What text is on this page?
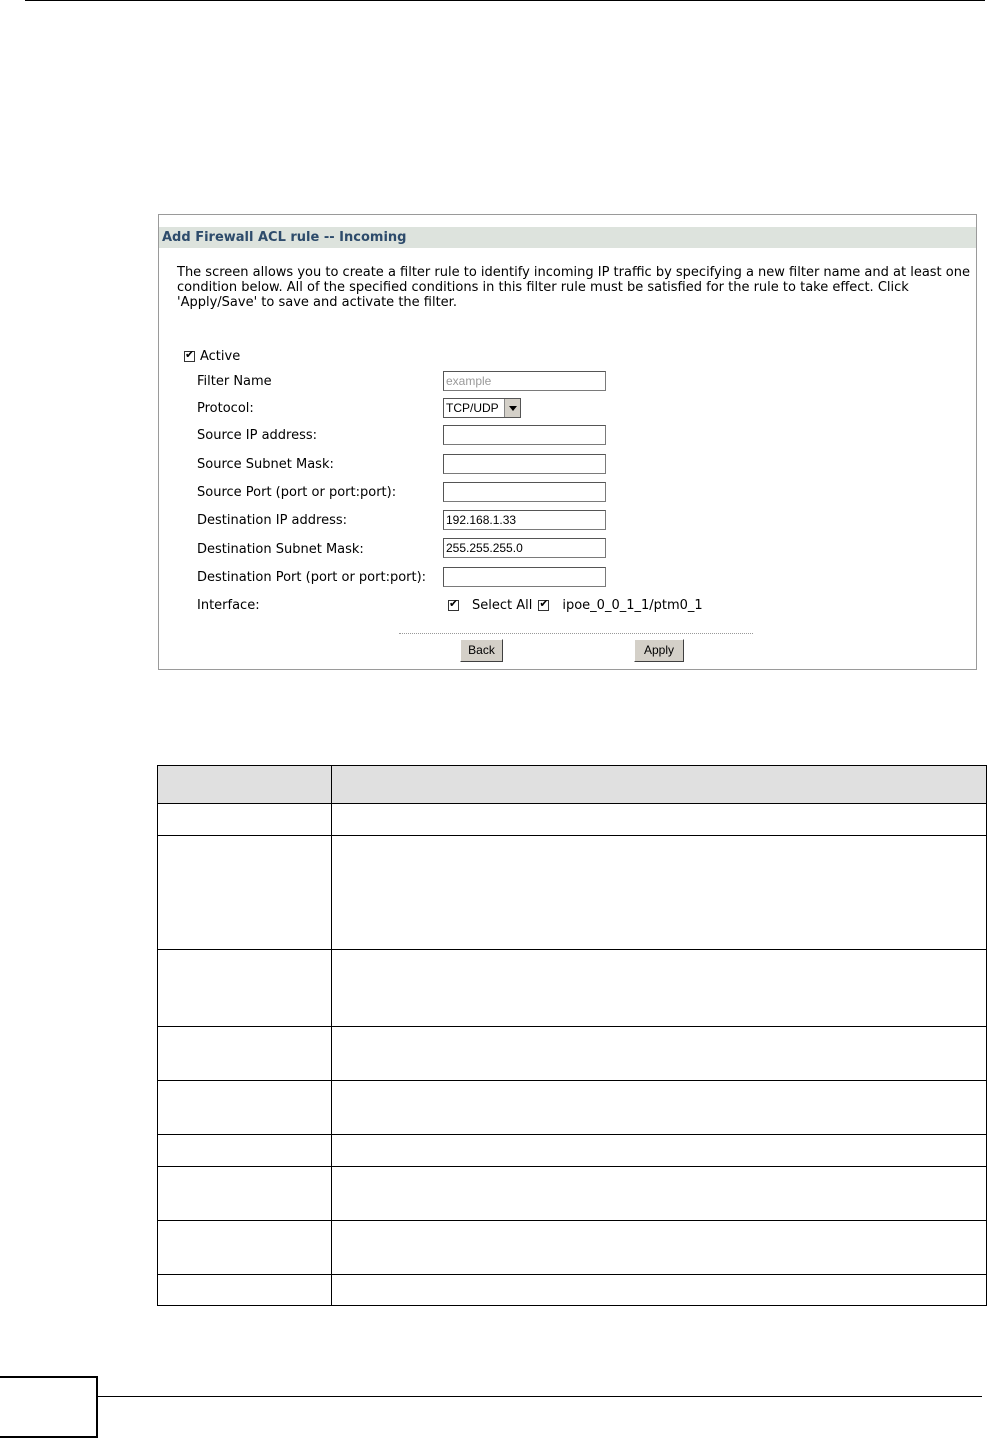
Add Firewall ACL rule -- Incoming
The screen allows you to create a filter rule to identify incoming IP traffic by specifying a new filter name and at least one condition below. All of the specified conditions in this filter rule must be satisfied for the rule to take effect. Click 'Apply/Save' to save and activate the filter.
✔Active
Filter Name	example
Protocol:	TCP/UDP
Source IP address:
Source Subnet Mask:
Source Port (port or port:port):
Destination IP address:	192.168.1.33
Destination Subnet Mask:	255.255.255.0
Destination Port (port or port:port):
Interface: ✔	Select All ✔ ipoe_0_0_1_1/ptm0_1
Back	Apply
